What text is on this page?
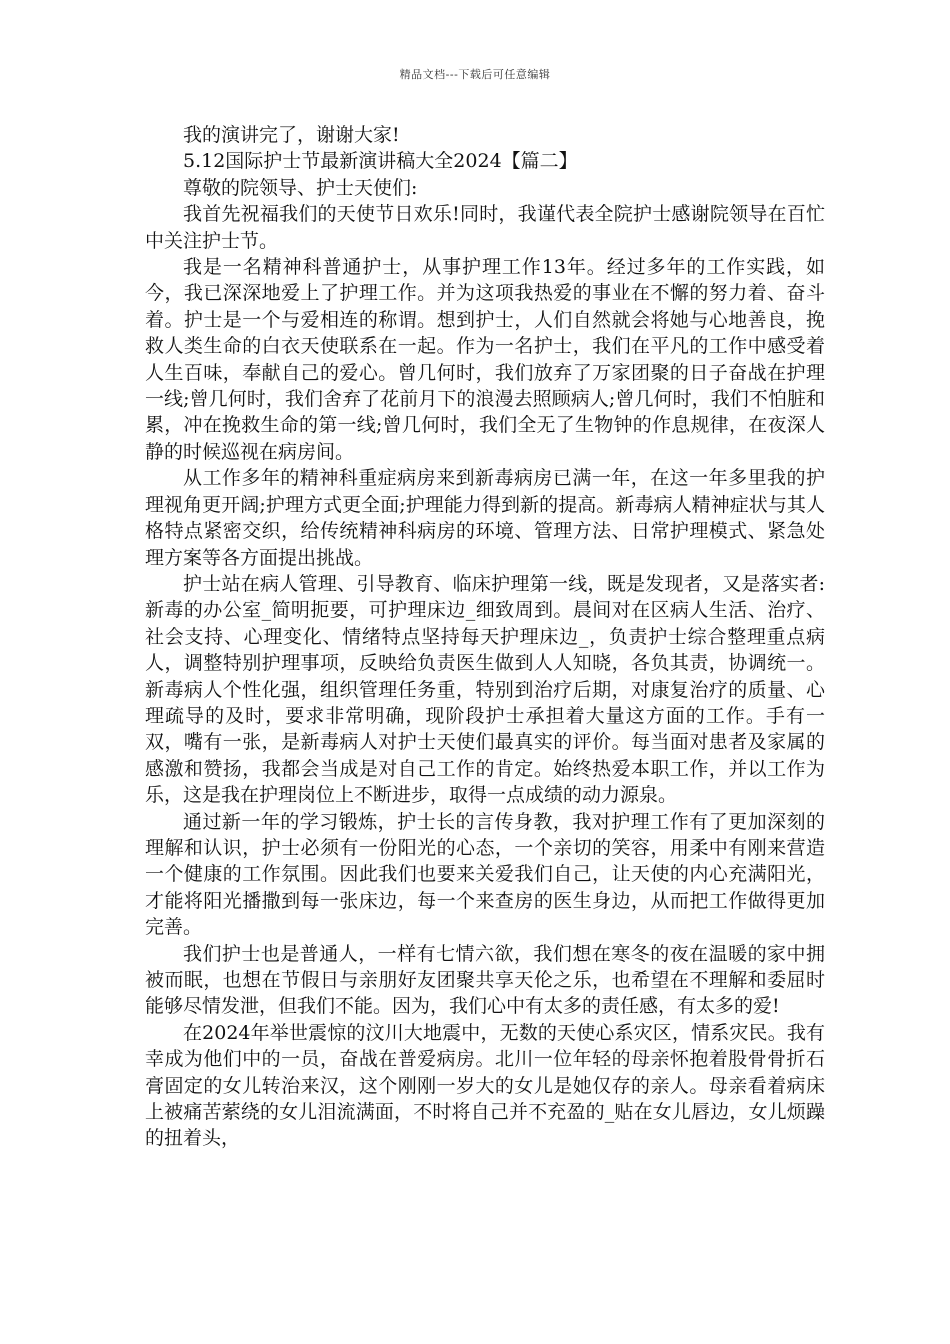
精品文档---下载后可任意编辑

我的演讲完了，谢谢大家!

5.12国际护士节最新演讲稿大全2024【篇二】

尊敬的院领导、护士天使们:

我首先祝福我们的天使节日欢乐!同时，我谨代表全院护士感谢院领导在百忙中关注护士节。

我是一名精神科普通护士，从事护理工作13年。经过多年的工作实践，如今，我已深深地爱上了护理工作。并为这项我热爱的事业在不懈的努力着、奋斗着。护士是一个与爱相连的称谓。想到护士，人们自然就会将她与心地善良，挽救人类生命的白衣天使联系在一起。作为一名护士，我们在平凡的工作中感受着人生百味，奉献自己的爱心。曾几何时，我们放弃了万家团聚的日子奋战在护理一线;曾几何时，我们舍弃了花前月下的浪漫去照顾病人;曾几何时，我们不怕脏和累，冲在挽救生命的第一线;曾几何时，我们全无了生物钟的作息规律，在夜深人静的时候巡视在病房间。

从工作多年的精神科重症病房来到新毒病房已满一年，在这一年多里我的护理视角更开阔;护理方式更全面;护理能力得到新的提高。新毒病人精神症状与其人格特点紧密交织，给传统精神科病房的环境、管理方法、日常护理模式、紧急处理方案等各方面提出挑战。

护士站在病人管理、引导教育、临床护理第一线，既是发现者，又是落实者:新毒的办公室_简明扼要，可护理床边_细致周到。晨间对在区病人生活、治疗、社会支持、心理变化、情绪特点坚持每天护理床边_，负责护士综合整理重点病人，调整特别护理事项，反映给负责医生做到人人知晓，各负其责，协调统一。新毒病人个性化强，组织管理任务重，特别到治疗后期，对康复治疗的质量、心理疏导的及时，要求非常明确，现阶段护士承担着大量这方面的工作。手有一双，嘴有一张，是新毒病人对护士天使们最真实的评价。每当面对患者及家属的感激和赞扬，我都会当成是对自己工作的肯定。始终热爱本职工作，并以工作为乐，这是我在护理岗位上不断进步，取得一点成绩的动力源泉。

通过新一年的学习锻炼，护士长的言传身教，我对护理工作有了更加深刻的理解和认识，护士必须有一份阳光的心态，一个亲切的笑容，用柔中有刚来营造一个健康的工作氛围。因此我们也要来关爱我们自己，让天使的内心充满阳光，才能将阳光播撒到每一张床边，每一个来查房的医生身边，从而把工作做得更加完善。

我们护士也是普通人，一样有七情六欲，我们想在寒冬的夜在温暖的家中拥被而眠，也想在节假日与亲朋好友团聚共享天伦之乐，也希望在不理解和委屈时能够尽情发泄，但我们不能。因为，我们心中有太多的责任感，有太多的爱!

在2024年举世震惊的汶川大地震中，无数的天使心系灾区，情系灾民。我有幸成为他们中的一员，奋战在普爱病房。北川一位年轻的母亲怀抱着股骨骨折石膏固定的女儿转治来汉，这个刚刚一岁大的女儿是她仅存的亲人。母亲看着病床上被痛苦萦绕的女儿泪流满面，不时将自己并不充盈的_贴在女儿唇边，女儿烦躁的扭着头，
